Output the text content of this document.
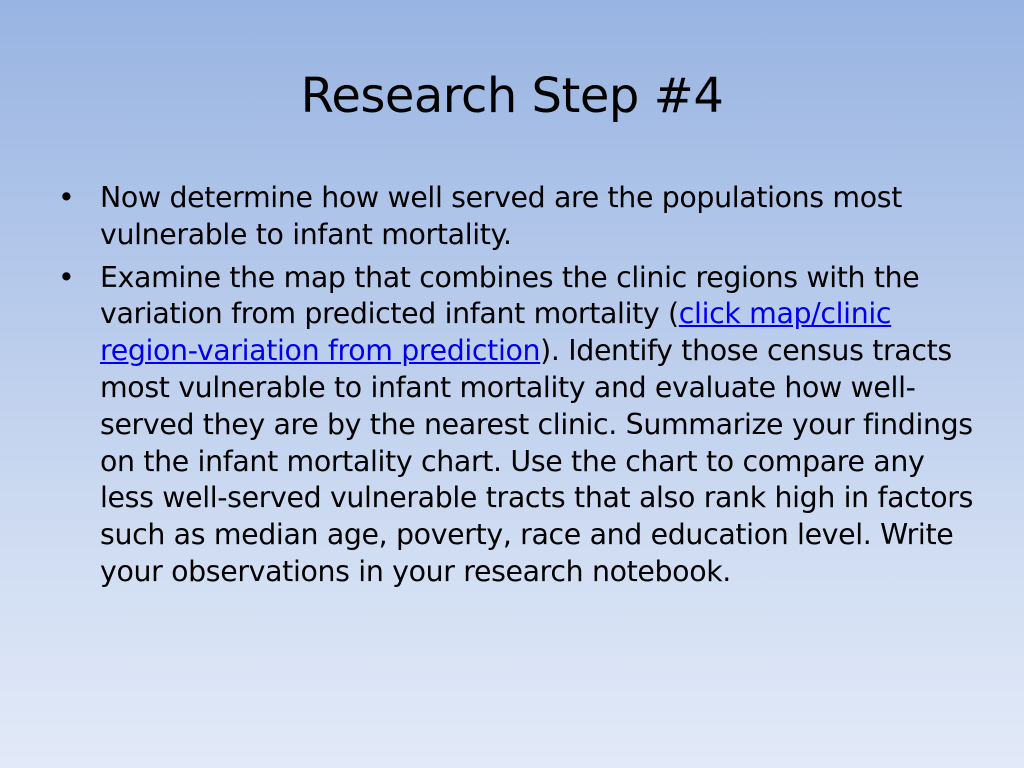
Research Step #4
• Now determine how well served are the populations most vulnerable to infant mortality.
• Examine the map that combines the clinic regions with the variation from predicted infant mortality (click map/clinic region-variation from prediction). Identify those census tracts most vulnerable to infant mortality and evaluate how well-served they are by the nearest clinic. Summarize your findings on the infant mortality chart. Use the chart to compare any less well-served vulnerable tracts that also rank high in factors such as median age, poverty, race and education level. Write your observations in your research notebook.
